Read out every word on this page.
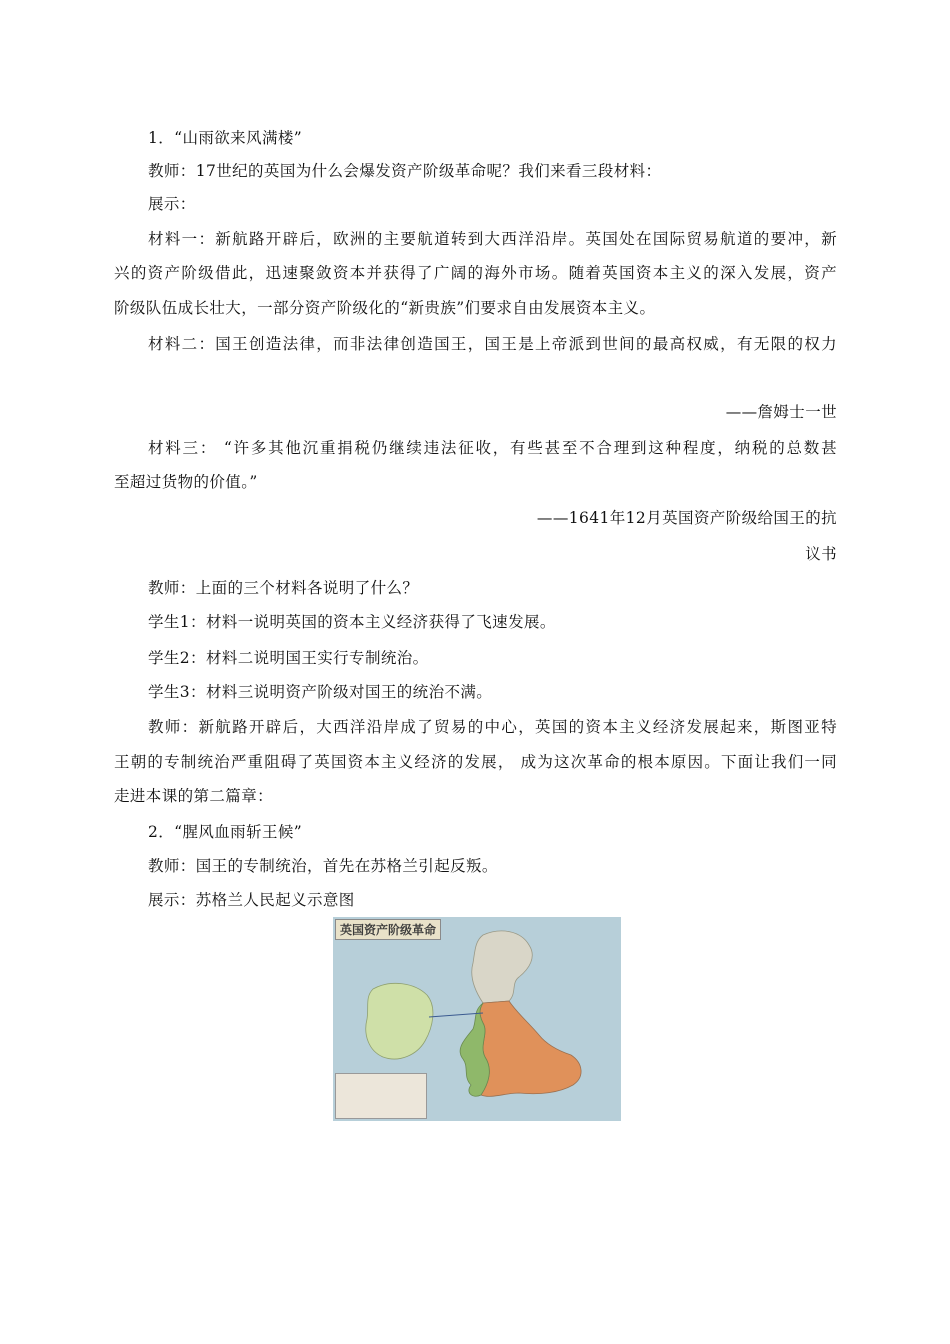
1．“山雨欲来风满楼”
教师：17世纪的英国为什么会爆发资产阶级革命呢？我们来看三段材料：
展示：
材料一：新航路开辟后，欧洲的主要航道转到大西洋沿岸。英国处在国际贸易航道的要冲，新
兴的资产阶级借此，迅速聚敛资本并获得了广阔的海外市场。随着英国资本主义的深入发展，资产
阶级队伍成长壮大，一部分资产阶级化的“新贵族”们要求自由发展资本主义。
材料二：国王创造法律，而非法律创造国王，国王是上帝派到世间的最高权威，有无限的权力
——詹姆士一世
材料三： “许多其他沉重捐税仍继续违法征收，有些甚至不合理到这种程度，纳税的总数甚
至超过货物的价值。”
——1641年12月英国资产阶级给国王的抗
议书
教师：上面的三个材料各说明了什么？
学生1：材料一说明英国的资本主义经济获得了飞速发展。
学生2：材料二说明国王实行专制统治。
学生3：材料三说明资产阶级对国王的统治不满。
教师：新航路开辟后，大西洋沿岸成了贸易的中心，英国的资本主义经济发展起来，斯图亚特
王朝的专制统治严重阻碍了英国资本主义经济的发展， 成为这次革命的根本原因。下面让我们一同
走进本课的第二篇章：
2．“腥风血雨斩王候”
教师：国王的专制统治，首先在苏格兰引起反叛。
展示：苏格兰人民起义示意图
英国资产阶级革命
